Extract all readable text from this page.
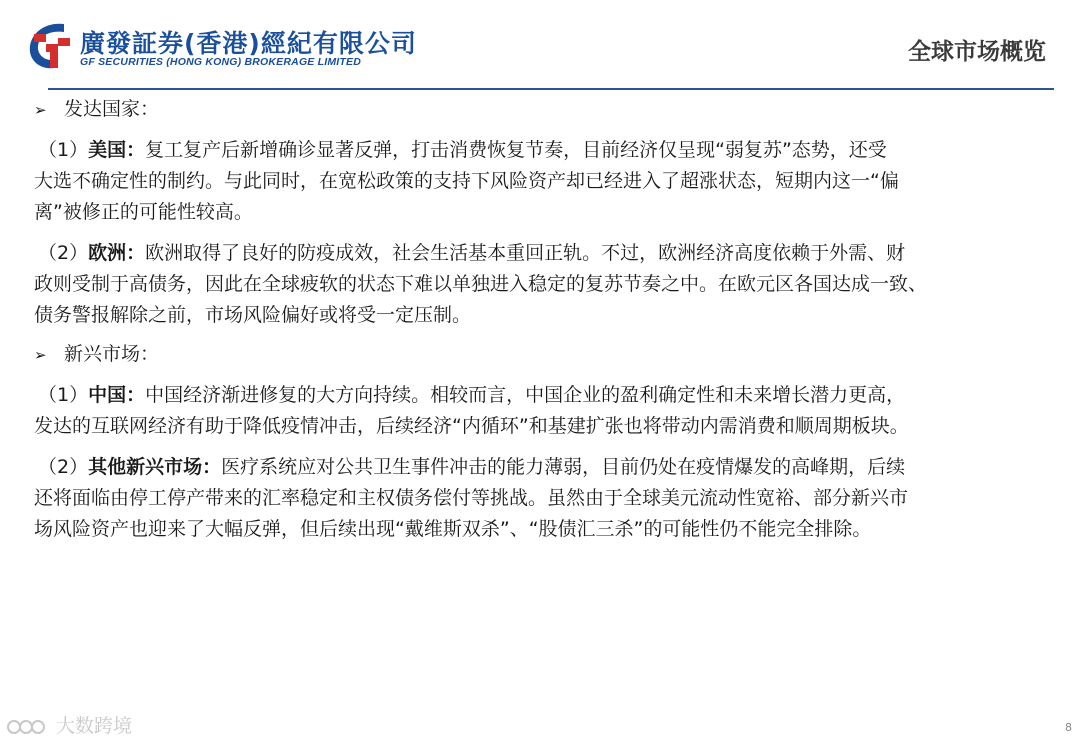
廣發証券(香港)經紀有限公司
GF SECURITIES (HONG KONG) BROKERAGE LIMITED	全球市场概览

➢ 发达国家：

（1）美国：复工复产后新增确诊显著反弹，打击消费恢复节奏，目前经济仅呈现“弱复苏”态势，还受
大选不确定性的制约。与此同时，在宽松政策的支持下风险资产却已经进入了超涨状态，短期内这一“偏
离”被修正的可能性较高。
（2）欧洲：欧洲取得了良好的防疫成效，社会生活基本重回正轨。不过，欧洲经济高度依赖于外需、财
政则受制于高债务，因此在全球疲软的状态下难以单独进入稳定的复苏节奏之中。在欧元区各国达成一致、
债务警报解除之前，市场风险偏好或将受一定压制。

➢ 新兴市场：

（1）中国：中国经济渐进修复的大方向持续。相较而言，中国企业的盈利确定性和未来增长潜力更高，
发达的互联网经济有助于降低疫情冲击，后续经济“内循环”和基建扩张也将带动内需消费和顺周期板块。
（2）其他新兴市场：医疗系统应对公共卫生事件冲击的能力薄弱，目前仍处在疫情爆发的高峰期，后续
还将面临由停工停产带来的汇率稳定和主权债务偿付等挑战。虽然由于全球美元流动性宽裕、部分新兴市
场风险资产也迎来了大幅反弹，但后续出现“戴维斯双杀”、“股债汇三杀”的可能性仍不能完全排除。
大数跨境	8
